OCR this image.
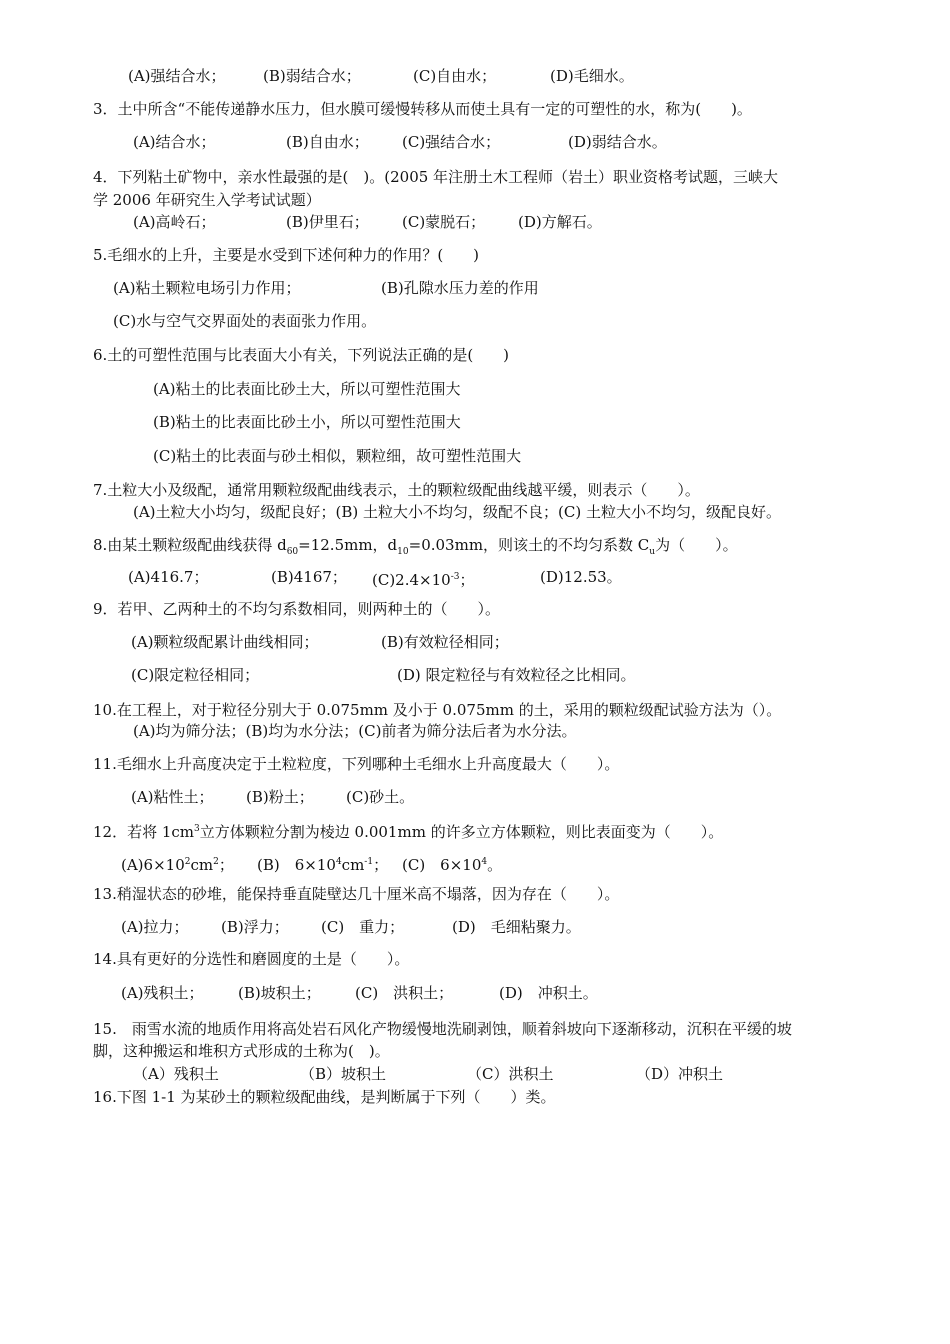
(A)强结合水； (B)弱结合水；	(C)自由水；	(D)毛细水。
3．土中所含“不能传递静水压力，但水膜可缓慢转移从而使土具有一定的可塑性的水，称为(　　)。
(A)结合水；	(B)自由水； (C)强结合水；	(D)弱结合水。
4．下列粘土矿物中，亲水性最强的是(　)。(2005 年注册土木工程师（岩土）职业资格考试题，三峡大
学 2006 年研究生入学考试试题）
(A)高岭石；	(B)伊里石； (C)蒙脱石； (D)方解石。
5.毛细水的上升，主要是水受到下述何种力的作用？(　　)
(A)粘土颗粒电场引力作用；	(B)孔隙水压力差的作用
(C)水与空气交界面处的表面张力作用。
6.土的可塑性范围与比表面大小有关，下列说法正确的是(　　)
(A)粘土的比表面比砂土大，所以可塑性范围大
(B)粘土的比表面比砂土小，所以可塑性范围大
(C)粘土的比表面与砂土相似，颗粒细，故可塑性范围大
7.土粒大小及级配，通常用颗粒级配曲线表示，土的颗粒级配曲线越平缓，则表示（　　）。
(A)土粒大小均匀，级配良好；(B) 土粒大小不均匀，级配不良；(C) 土粒大小不均匀，级配良好。
8.由某土颗粒级配曲线获得 $d_{60}=12.5mm$，$d_{10}=0.03mm$，则该土的不均匀系数 $C_u$为（　　）。
(A)416.7；	(B)4167； $(C)2.4\times 10^{-3}$；	(D)12.53。
9．若甲、乙两种土的不均匀系数相同，则两种土的（　　）。
(A)颗粒级配累计曲线相同；	(B)有效粒径相同；
(C)限定粒径相同；	(D) 限定粒径与有效粒径之比相同。
10.在工程上，对于粒径分别大于 0.075mm 及小于 0.075mm 的土，采用的颗粒级配试验方法为（）。
(A)均为筛分法；(B)均为水分法；(C)前者为筛分法后者为水分法。
11.毛细水上升高度决定于土粒粒度，下列哪种土毛细水上升高度最大（　　）。
(A)粘性土； (B)粉土； (C)砂土。
12．若将 $1cm^3$立方体颗粒分割为棱边 0.001mm 的许多立方体颗粒，则比表面变为（　　）。
$(A)6\times 10^2cm^2$； (B)　$6\times 10^4cm^{-1}$； (C)　$6\times 10^4$。
13.稍湿状态的砂堆，能保持垂直陡壁达几十厘米高不塌落，因为存在（　　）。
(A)拉力； (B)浮力； (C)　重力；	(D)　毛细粘聚力。
14.具有更好的分选性和磨圆度的土是（　　）。
(A)残积土； (B)坡积土； (C)　洪积土；	(D)　冲积土。
15.　雨雪水流的地质作用将高处岩石风化产物缓慢地洗刷剥蚀，顺着斜坡向下逐渐移动，沉积在平缓的坡
脚，这种搬运和堆积方式形成的土称为(　)。
（A）残积土	（B）坡积土	（C）洪积土	（D）冲积土
16.下图 1-1 为某砂土的颗粒级配曲线，是判断属于下列（　　）类。
